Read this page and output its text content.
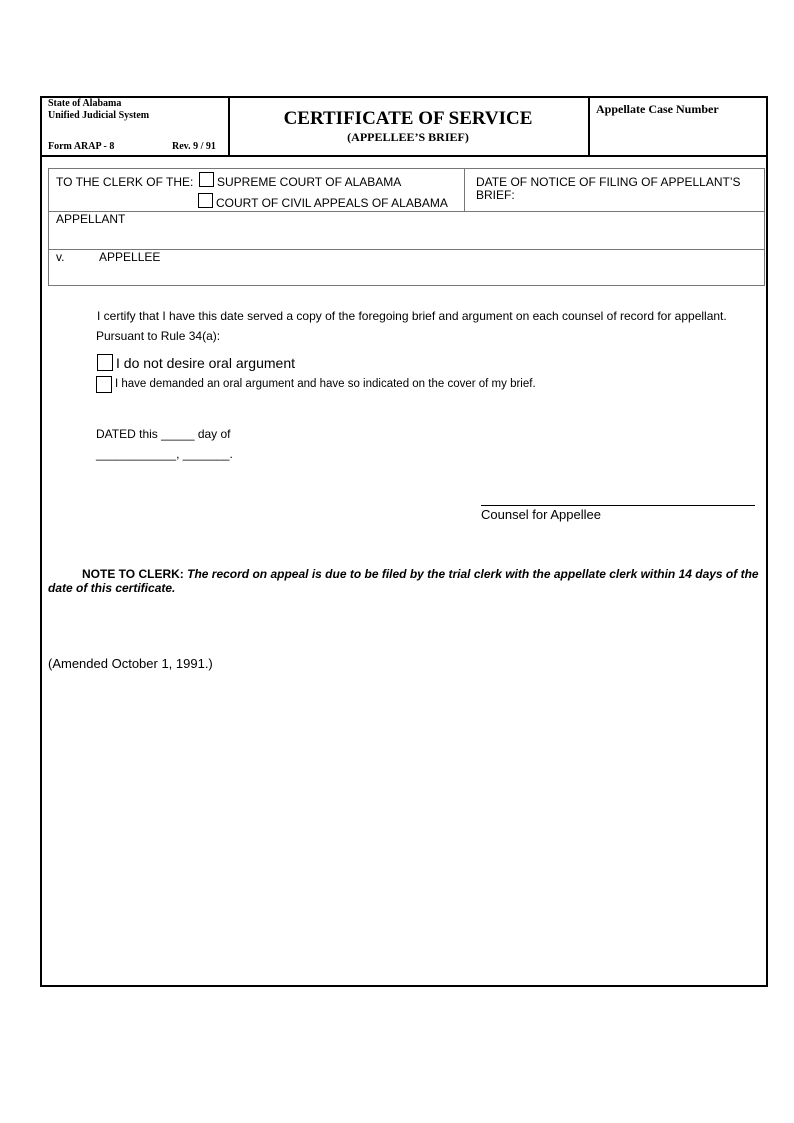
State of Alabama
Unified Judicial System
Form ARAP - 8	Rev. 9 / 91
CERTIFICATE OF SERVICE
(APPELLEE’S BRIEF)
Appellate Case Number
TO THE CLERK OF THE: SUPREME COURT OF ALABAMA
COURT OF CIVIL APPEALS OF ALABAMA
DATE OF NOTICE OF FILING OF APPELLANT’S
BRIEF:
APPELLANT
v.	APPELLEE
I certify that I have this date served a copy of the foregoing brief and argument on each counsel of record for appellant.
Pursuant to Rule 34(a):
I do not desire oral argument
I have demanded an oral argument and have so indicated on the cover of my brief.
DATED this _____ day of
____________, _______.
Counsel for Appellee
NOTE TO CLERK: The record on appeal is due to be filed by the trial clerk with the appellate clerk within 14 days of the
date of this certificate.
(Amended October 1, 1991.)
